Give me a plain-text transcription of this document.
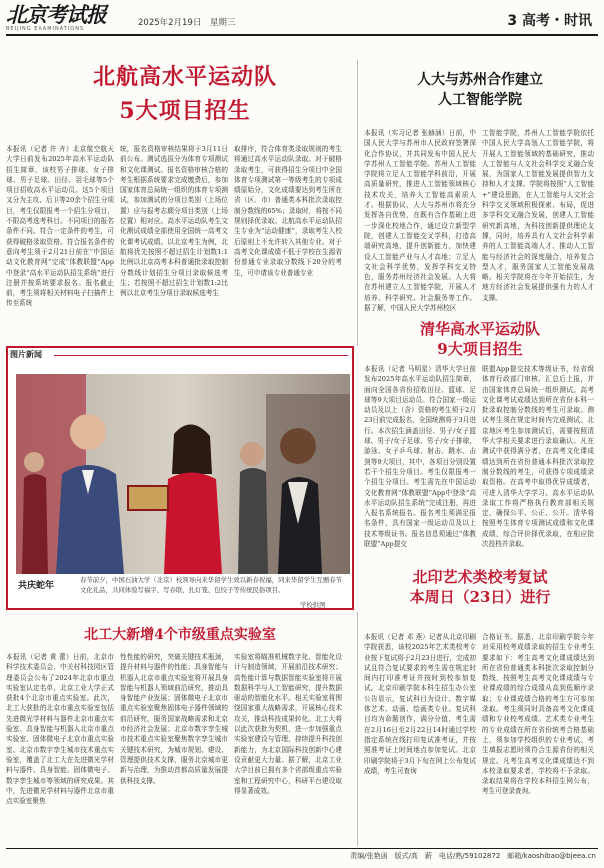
北京考试报
BEIJING EXAMINATIONS
2025年2月19日　星期三	3 高考・时讯
北航高水平运动队
5大项目招生
本报讯（记者 许 卉）北京航空航天大学日前发布2025年高水平运动队招生简章，该校男子排球、女子排球、男子足球、田径、羽毛球等5个项目招收高水平运动员。这5个项目又分为主攻、后卫等20余个招生分项目，考生仅限报考一个招生分项目，不限高考选考科目。不同项目的报名条件不同。符合一定条件的考生，可获得破格录取资格。符合报名条件的意向考生须于2月21日前在“中国运动文化教育网”完成“体教联盟”App中登录“高水平运动队招生系统”进行注册并按系统要求报名。报名截止前，考生须将相关材料电子扫描件上传至系统
统，报名资格审核结果将于3月11日前公布。测试选拔分为体育专项测试和文化课测试。报名资格审核合格的考生根据系统要求完成缴费后，参加国家体育总局统一组织的体育专项测试，参加测试的分项目类别（上场位置）应与报考志願分项目类别（上场位置）相对应。高水平运动队考生文化测试成绩全部使用全国统一高考文化课考试成绩。以北京考生为例，北航将优先按照不超过招生计划数1:1比例以北京高考本科普通批录取控制分数线计划招生分项目录取候选考生；若按照不超过招生计划数1:2比例以北京考生分项目录取候选考生
取排序，符合体育类录取规则的考生将通过高水平运动队录取。对于破格录取考生，可获得招生分项目中全国体育专项测试第一等级考生的专项成绩原始分，文化成绩要达到考生所在省（区、市）普通类本科批次录取控制分数线的65%；录取时，将按不同规则择优录取。北航高水平运动队招生专业为“运动健康”，录取考生入校后原则上不允许转入其他专业。对于高考文化课成绩不低于学校在生源省份普通专业录取分数线下20分的考生，可申请该专业普通专业
人大与苏州合作建立
人工智能学院
本报讯（实习记者 张赫涵）日前，中国人民大学与苏州市人民政府签署深化合作协议，并共同发布中国人民大学苏州人工智能学院。苏州人工智能学院将立足人工智能学科前沿，开展高质量研究，推进人工智能领域核心技术攻关，培养人工智能高素质人才。根据协议，人大与苏州市将充分发挥各自优势，在既有合作基础上进一步深化校地合作，通过设立新型学院，创建人工智能交叉学科，打造高端研究高地，提升创新能力，加快建设人工智能产业与人才高地；立足人文社会科学优势，发挥学科交叉特色，服务苏州经济社会发展。人大将在苏州建立人工智能学院，开展人才培养、科学研究、社会服务等工作。据了解，中国人民大学苏州校区
工智能学院，苏州人工智能学院依托中国人民大学高瓴人工智能学院，将开展人工智能领域的基础研究，推动人工智能与人文社会科学交叉融合发展，为国家人工智能发展提供智力支持和人才支撑。学院将按照“人工智能+”建设思路，在人工智能与人文社会科学交叉领域积极探索、布局，促进多学科交叉融合发展，创建人工智能研究新高地，为科技创新提供理论支撑，同时，培养具有人文社会科学素养的人工智能高端人才、推动人工智能与经济社会的深度融合，培养复合型人才，服务国家人工智能发展战略。相关学院将在今年开始招生，为地方经济社会发展提供强有力的人才支撑。
清华高水平运动队
9大项目招生
本报讯（记者 马明星）清华大学日前发布2025年高水平运动队招生简章，面向全国各省份招收田径、篮球、足球等9大项目运动员。符合国家一级运动员及以上（含）资格的考生须于2月23日前完成报名，全国统测将于3月进行。本次招生涵盖田径、男子/女子篮球、男子/女子足球、男子/女子排球、游泳、女子乒乓球、射击、跳水、击剑等9大项目，其中，各项目分别设置若干个招生分项目。考生仅限报考一个招生分项目。考生需先在中国运动文化教育网“体教联盟”App中登录“高水平运动队招生系统”完成注册，再进入报名系统报名。报名考生须满足报名条件，具有国家一级运动员及以上技术等级证书。报名信息须通过“体教联盟”App提交
联盟App提交技术等级证书，经省级体育行政部门审核、汇总后上报，并由国家体育总局统一组织测试。高考文化课考试成绩达到所在省份本科一批录取控制分数线的考生可录取。测试考生须在规定时间内完成测试。北京地区考生参加测试后，需要按照清华大学相关要求进行录取确认。凡在测试中获得满分者，在高考文化课成绩达到所在省份普通本科批次录取控制分数线的考生，可获得专项成绩录取资格。在高考中取得优异成绩者，可进入清华大学学习。高水平运动队录取工作将严格执行教育部相关规定，确保公平、公正、公开。清华将按照考生体育专项测试成绩和文化课成绩，综合评价择优录取，在相应批次投档并录取。
北印艺术类校考复试
本周日（23日）进行
本报讯（记者 邓 燕）记者从北京印刷学院获悉，该校2025年艺术类校考专业按下复试将于2月23日进行，完成初试且符合复试要求的考生需在规定时间内打印准考证并按时到校参加复试。北京印刷学院本科生招生办公室公告显示，复试科目为设计、数字媒体艺术、动画、绘画类专业。复试科目均为命题创作，满分分值，考生需在2月16日至2月22日14时通过学校指定系统在线打印复试准考证，并按照准考证上时间地点参加复试。北京印刷学院将于3月下旬在网上公布复试成绩，考生可查询
合格证书。据悉，北京印刷学院今年对采用校考成绩录取的招生专业考生要求如下：考生高考文化课成绩达到所在省份普通类本科批次录取控制分数线，按照考生高考文化课成绩与专业课成绩的综合成绩从高到低顺序录取；专业课成绩合格的考生方可参加录取。考生须同时具备高考文化课成绩和专业校考成绩。艺术类专业考生的专业成绩在所在省份统考合格基础上，须参加学校组织的专业考试。考生填报志愿时须符合生源省份的相关规定。凡考生高考文化课成绩达不到本校录取要求者，学校将不予录取。录取结果将在学校本科招生网公布，考生可登录查询。
图片新闻
共庆蛇年
春节前夕，中国石油大学（北京）校领导向来华留学生致以新春祝福，同来华留学生互赠春节文化礼品，共同体验写福字、写春联、扎灯笼、包饺子等传统民俗项目。
学校供图
北工大新增4个市级重点实验室
本报讯（记者 黄 蕾）日前，北京市科学技术委员会、中关村科技园区管理委员会公布了2024年北京市重点实验室认定名单，北京工业大学正式获批4个北京市重点实验室。此次，北工大获批的北京市重点实验室包括先进微光学材料与器件北京市重点实验室、具身智能与机器人北京市重点实验室、固体微电子北京市重点实验室、北京市数字孪生城市技术重点实验室，覆盖了北工大在先进微光学材料与器件、具身智能、固体微电子、数字孪生城市等领域的研究成果。其中，先进微光学材料与器件北京市重点实验室聚焦
性性能的研究，突破关键技术瓶颈，提升材料与器件的性能；具身智能与机器人北京市重点实验室将开展具身智能与机器人领域前沿研究，推动具身智能产业发展；固体微电子北京市重点实验室聚焦固体电子器件领域的前沿研究，服务国家战略需求和北京市经济社会发展；北京市数字孪生城市技术重点实验室聚焦数字孪生城市关键技术研究，为城市规划、建设、管理提供技术支撑，服务北京城市更新与治理，为推动首都高质量发展提供科技支撑。
实验室将瞄准机械数字化、智能化设计与制造领域，开展前沿技术研究；高性能计算与数据智能实验室将开展数据科学与人工智能研究，提升数据驱动的智能化水平。相关实验室将围绕国家重大战略需求，开展核心技术攻关，推动科技成果转化。北工大将以此次获批为契机，进一步加强重点实验室建设与管理，持续提升科技创新能力，为北京国际科技创新中心建设贡献更大力量。据了解，北京工业大学目前已拥有多个省部级重点实验室和工程研究中心，科研平台建设取得显著成效。
责编/张艳函　版式/高　薪　电话/熟/59102872　邮箱/kaoshibao@bjeea.cn
